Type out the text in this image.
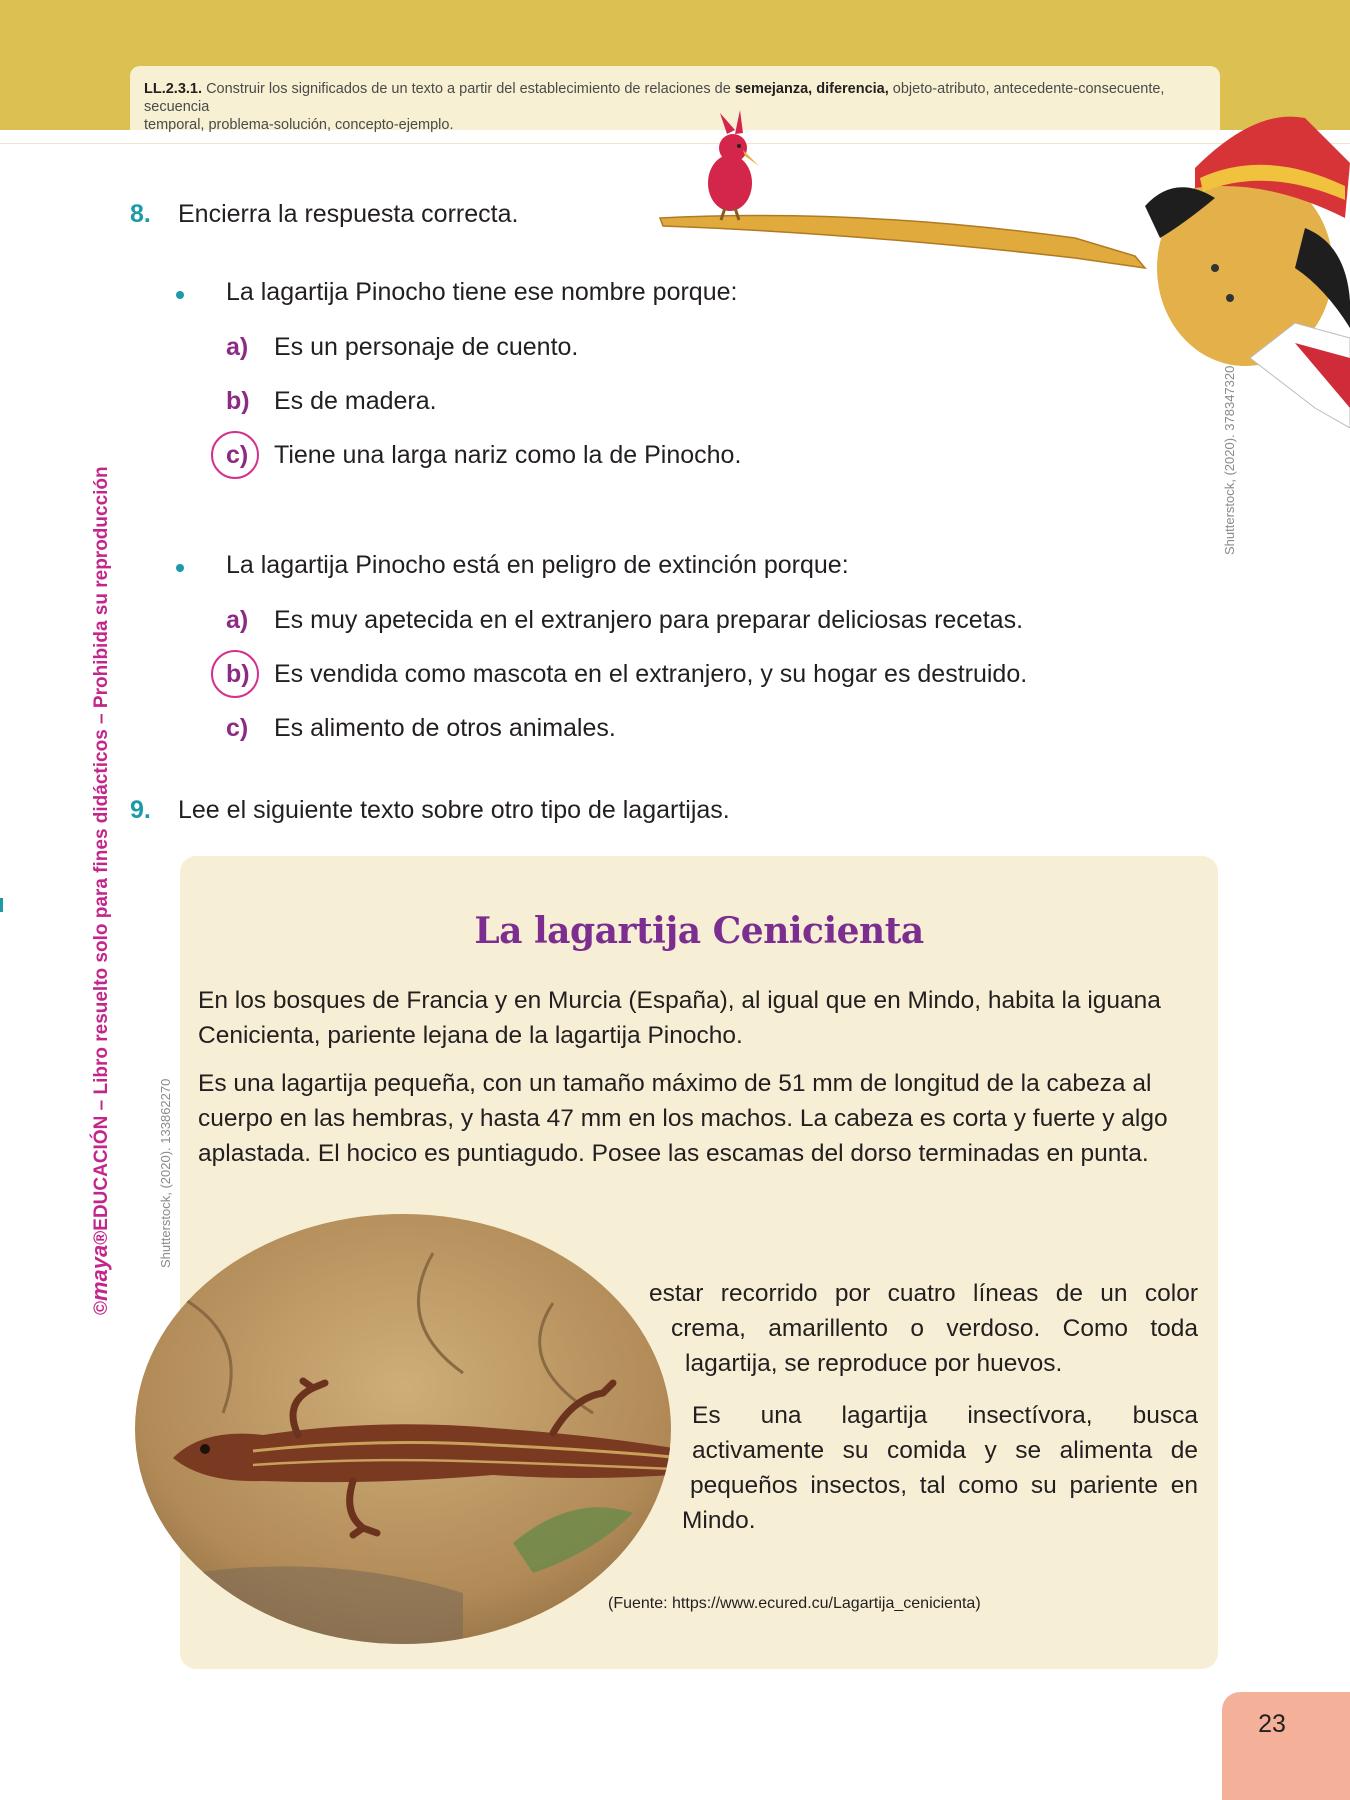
LL.2.3.1. Construir los significados de un texto a partir del establecimiento de relaciones de semejanza, diferencia, objeto-atributo, antecedente-consecuente, secuencia
temporal, problema-solución, concepto-ejemplo.
8. Encierra la respuesta correcta.
La lagartija Pinocho tiene ese nombre porque:
a) Es un personaje de cuento.
b) Es de madera.
c) Tiene una larga nariz como la de Pinocho.
La lagartija Pinocho está en peligro de extinción porque:
a) Es muy apetecida en el extranjero para preparar deliciosas recetas.
b) Es vendida como mascota en el extranjero, y su hogar es destruido.
c) Es alimento de otros animales.
9. Lee el siguiente texto sobre otro tipo de lagartijas.
La lagartija Cenicienta
En los bosques de Francia y en Murcia (España), al igual que en Mindo, habita la iguana
Cenicienta, pariente lejana de la lagartija Pinocho.
Es una lagartija pequeña, con un tamaño máximo de 51 mm de longitud de la cabeza al
cuerpo en las hembras, y hasta 47 mm en los machos. La cabeza es corta y fuerte y algo
aplastada. El hocico es puntiagudo. Posee las escamas del dorso terminadas en punta.
estar recorrido por cuatro líneas de un color
crema, amarillento o verdoso. Como toda
lagartija, se reproduce por huevos.
Es una lagartija insectívora, busca
activamente su comida y se alimenta de
pequeños insectos, tal como su pariente en
Mindo.
(Fuente: https://www.ecured.cu/Lagartija_cenicienta)
Shutterstock, (2020). 378347320
Shutterstock, (2020). 133862270
©maya®EDUCACIÓN – Libro resuelto solo para fines didácticos – Prohibida su reproducción
23
